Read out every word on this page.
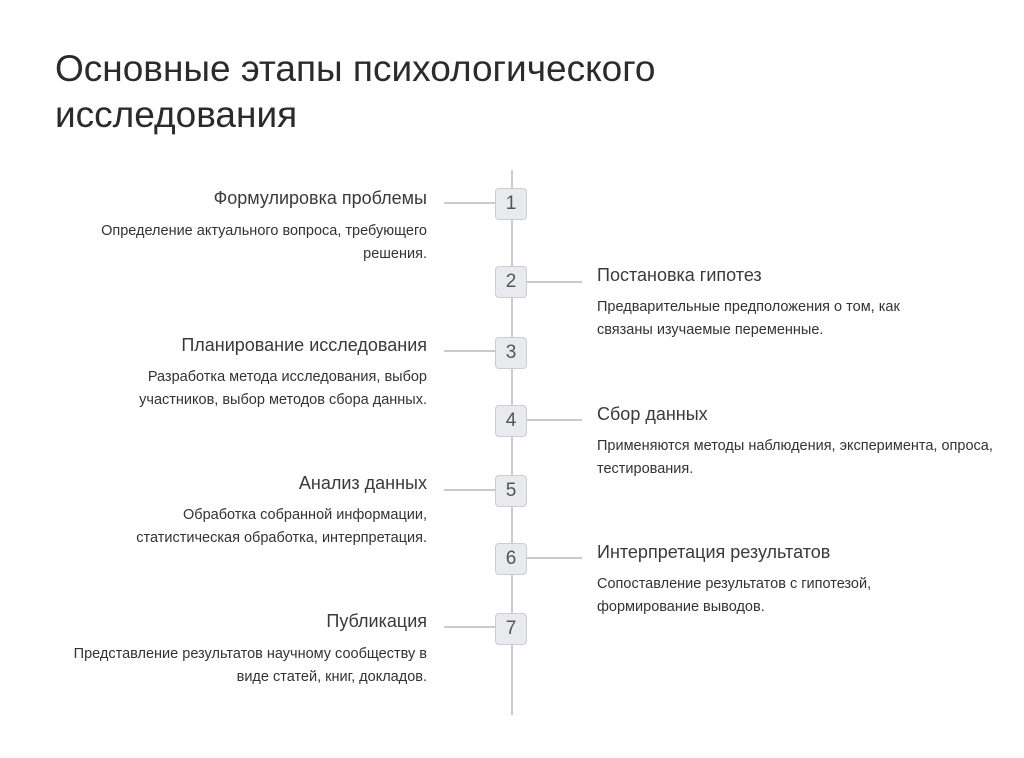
Основные этапы психологического исследования
1
Формулировка проблемы
Определение актуального вопроса, требующего решения.
2	Постановка гипотез
Предварительные предположения о том, как связаны изучаемые переменные.
3
Планирование исследования
Разработка метода исследования, выбор участников, выбор методов сбора данных.
4	Сбор данных
Применяются методы наблюдения, эксперимента, опроса, тестирования.
5
Анализ данных
Обработка собранной информации, статистическая обработка, интерпретация.
6	Интерпретация результатов
Сопоставление результатов с гипотезой, формирование выводов.
7
Публикация
Представление результатов научному сообществу в виде статей, книг, докладов.
